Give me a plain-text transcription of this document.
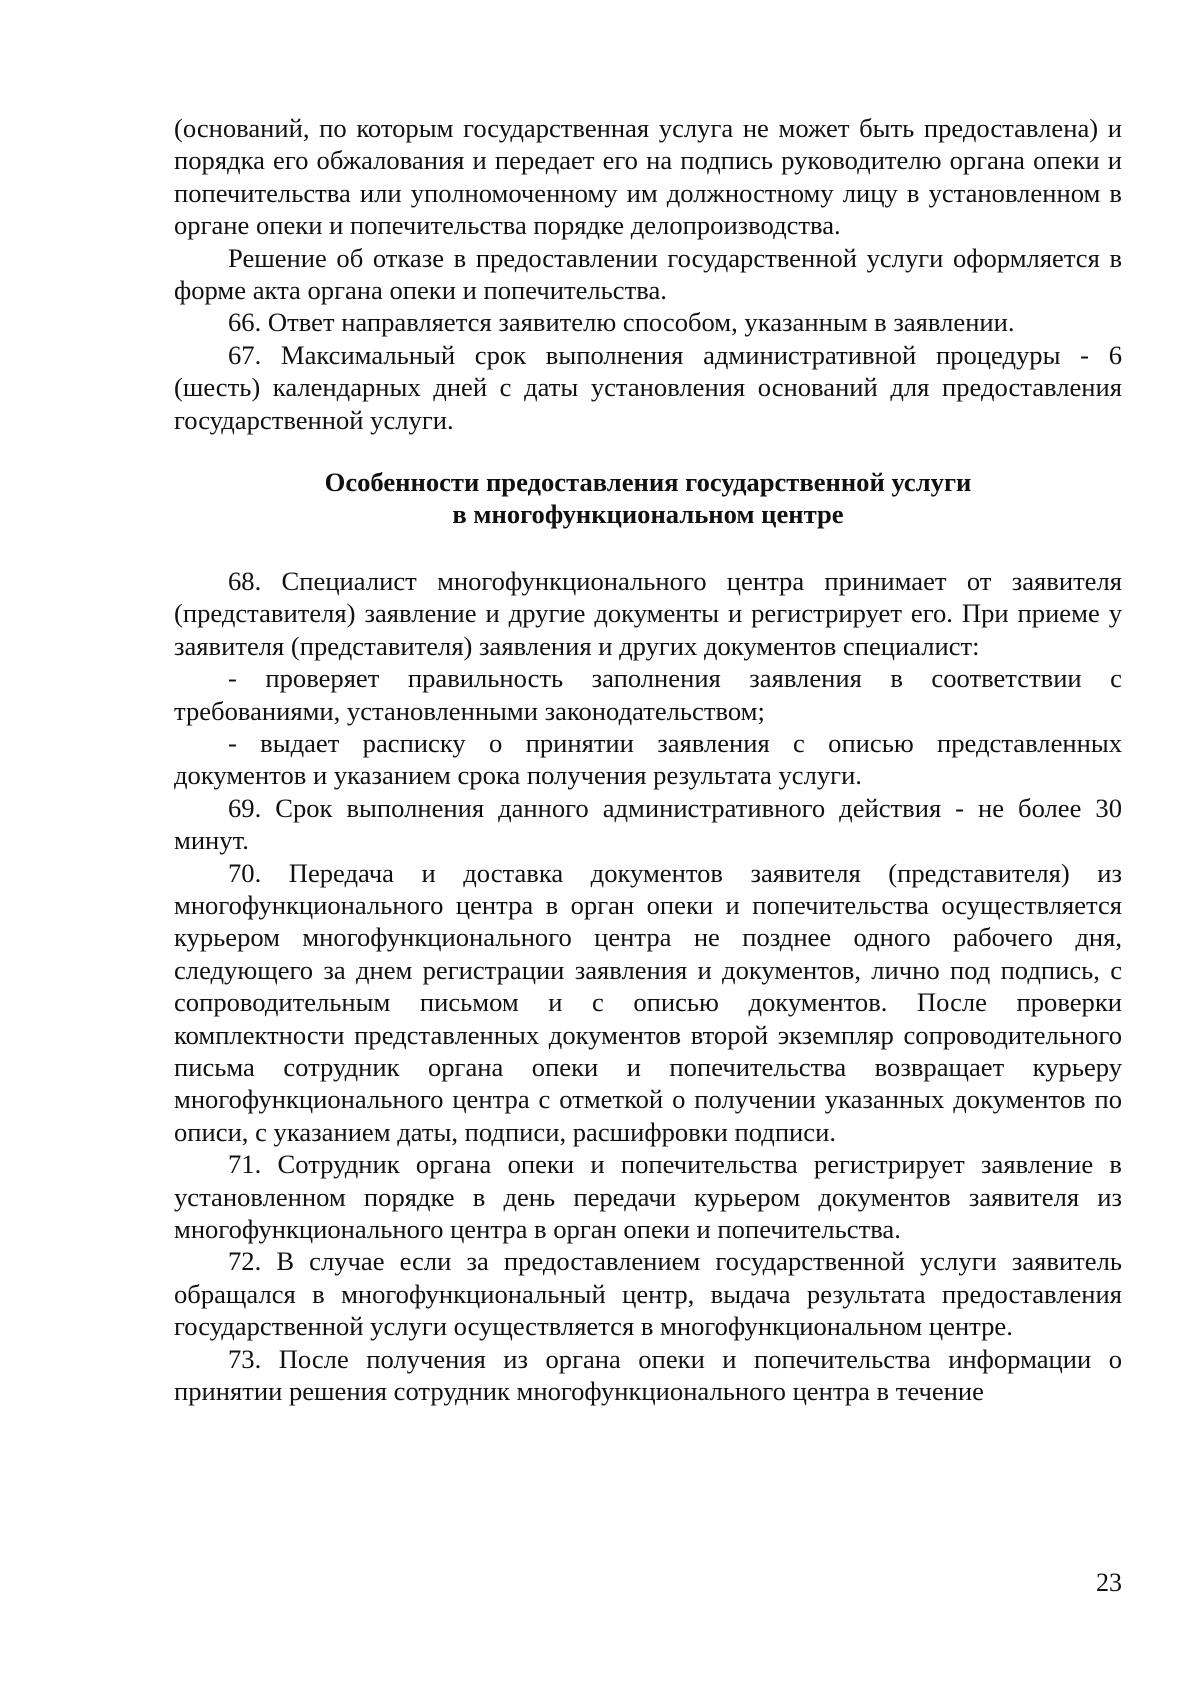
(оснований, по которым государственная услуга не может быть предоставлена) и порядка его обжалования и передает его на подпись руководителю органа опеки и попечительства или уполномоченному им должностному лицу в установленном в органе опеки и попечительства порядке делопроизводства.

Решение об отказе в предоставлении государственной услуги оформляется в форме акта органа опеки и попечительства.

66. Ответ направляется заявителю способом, указанным в заявлении.

67. Максимальный срок выполнения административной процедуры - 6 (шесть) календарных дней с даты установления оснований для предоставления государственной услуги.

Особенности предоставления государственной услуги

в многофункциональном центре

68. Специалист многофункционального центра принимает от заявителя (представителя) заявление и другие документы и регистрирует его. При приеме у заявителя (представителя) заявления и других документов специалист:

- проверяет правильность заполнения заявления в соответствии с требованиями, установленными законодательством;

- выдает расписку о принятии заявления с описью представленных документов и указанием срока получения результата услуги.

69. Срок выполнения данного административного действия - не более 30 минут.

70. Передача и доставка документов заявителя (представителя) из многофункционального центра в орган опеки и попечительства осуществляется курьером многофункционального центра не позднее одного рабочего дня, следующего за днем регистрации заявления и документов, лично под подпись, с сопроводительным письмом и с описью документов. После проверки комплектности представленных документов второй экземпляр сопроводительного письма сотрудник органа опеки и попечительства возвращает курьеру многофункционального центра с отметкой о получении указанных документов по описи, с указанием даты, подписи, расшифровки подписи.

71. Сотрудник органа опеки и попечительства регистрирует заявление в установленном порядке в день передачи курьером документов заявителя из многофункционального центра в орган опеки и попечительства.

72. В случае если за предоставлением государственной услуги заявитель обращался в многофункциональный центр, выдача результата предоставления государственной услуги осуществляется в многофункциональном центре.

73. После получения из органа опеки и попечительства информации о принятии решения сотрудник многофункционального центра в течение

23
